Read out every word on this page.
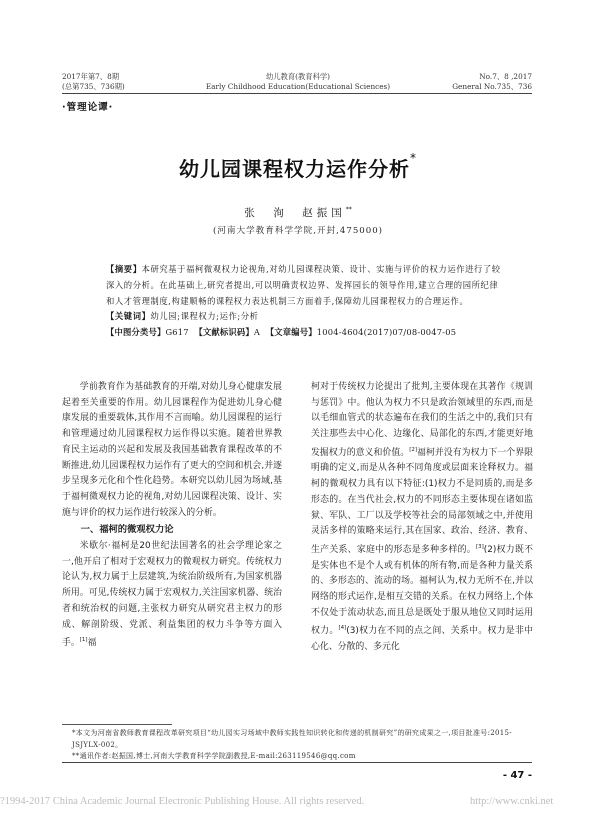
2017年第7、8期
(总第735、736期)
幼儿教育(教育科学)
Early Childhood Education(Educational Sciences)
No.7、8 ,2017
General No.735、736
·管理论谭·
幼儿园课程权力运作分析*
张　洵　赵振国**
(河南大学教育科学学院,开封,475000)
【摘要】本研究基于福柯微观权力论视角,对幼儿园课程决策、设计、实施与评价的权力运作进行了较深入的分析。在此基础上,研究者提出,可以明确责权边界、发挥园长的领导作用,建立合理的园所纪律和人才管理制度,构建顺畅的课程权力表达机制三方面着手,保障幼儿园课程权力的合理运作。
【关键词】幼儿园;课程权力;运作;分析
【中图分类号】G617 【文献标识码】A 【文章编号】1004-4604(2017)07/08-0047-05

学前教育作为基础教育的开端,对幼儿身心健康发展起着至关重要的作用。幼儿园课程作为促进幼儿身心健康发展的重要载体,其作用不言而喻。幼儿园课程的运行和管理通过幼儿园课程权力运作得以实施。随着世界教育民主运动的兴起和发展及我国基础教育课程改革的不断推进,幼儿园课程权力运作有了更大的空间和机会,并逐步呈现多元化和个性化趋势。本研究以幼儿园为场域,基于福柯微观权力论的视角,对幼儿园课程决策、设计、实施与评价的权力运作进行较深入的分析。

一、福柯的微观权力论

米歇尔·福柯是20世纪法国著名的社会学理论家之一,他开启了相对于宏观权力的微观权力研究。传统权力论认为,权力属于上层建筑,为统治阶级所有,为国家机器所用。可见,传统权力属于宏观权力,关注国家机器、统治者和统治权的问题,主张权力研究从研究君主权力的形成、解剖阶级、党派、利益集团的权力斗争等方面入手。[1]福

柯对于传统权力论提出了批判,主要体现在其著作《规训与惩罚》中。他认为权力不只是政治领域里的东西,而是以毛细血管式的状态遍布在我们的生活之中的,我们只有关注那些去中心化、边缘化、局部化的东西,才能更好地发掘权力的意义和价值。[2]福柯并没有为权力下一个界限明确的定义,而是从各种不同角度或层面来诠释权力。福柯的微观权力具有以下特征:(1)权力不是同质的,而是多形态的。在当代社会,权力的不同形态主要体现在诸如监狱、军队、工厂以及学校等社会的局部领域之中,并使用灵活多样的策略来运行,其在国家、政治、经济、教育、生产关系、家庭中的形态是多种多样的。[3](2)权力既不是实体也不是个人或有机体的所有物,而是各种力量关系的、多形态的、流动的场。福柯认为,权力无所不在,并以网络的形式运作,是相互交错的关系。在权力网络上,个体不仅处于流动状态,而且总是既处于服从地位又同时运用权力。[4](3)权力在不同的点之间、关系中。权力是非中心化、分散的、多元化

*本文为河南省教师教育课程改革研究项目“幼儿园实习场域中教师实践性知识转化和传递的机制研究”的研究成果之一,项目批准号:2015-JSJYLX-002。
**通讯作者:赵振国,博士,河南大学教育科学学院副教授,E-mail:263119546@qq.com
- 47 -
?1994-2017 China Academic Journal Electronic Publishing House. All rights reserved.	http://www.cnki.net
